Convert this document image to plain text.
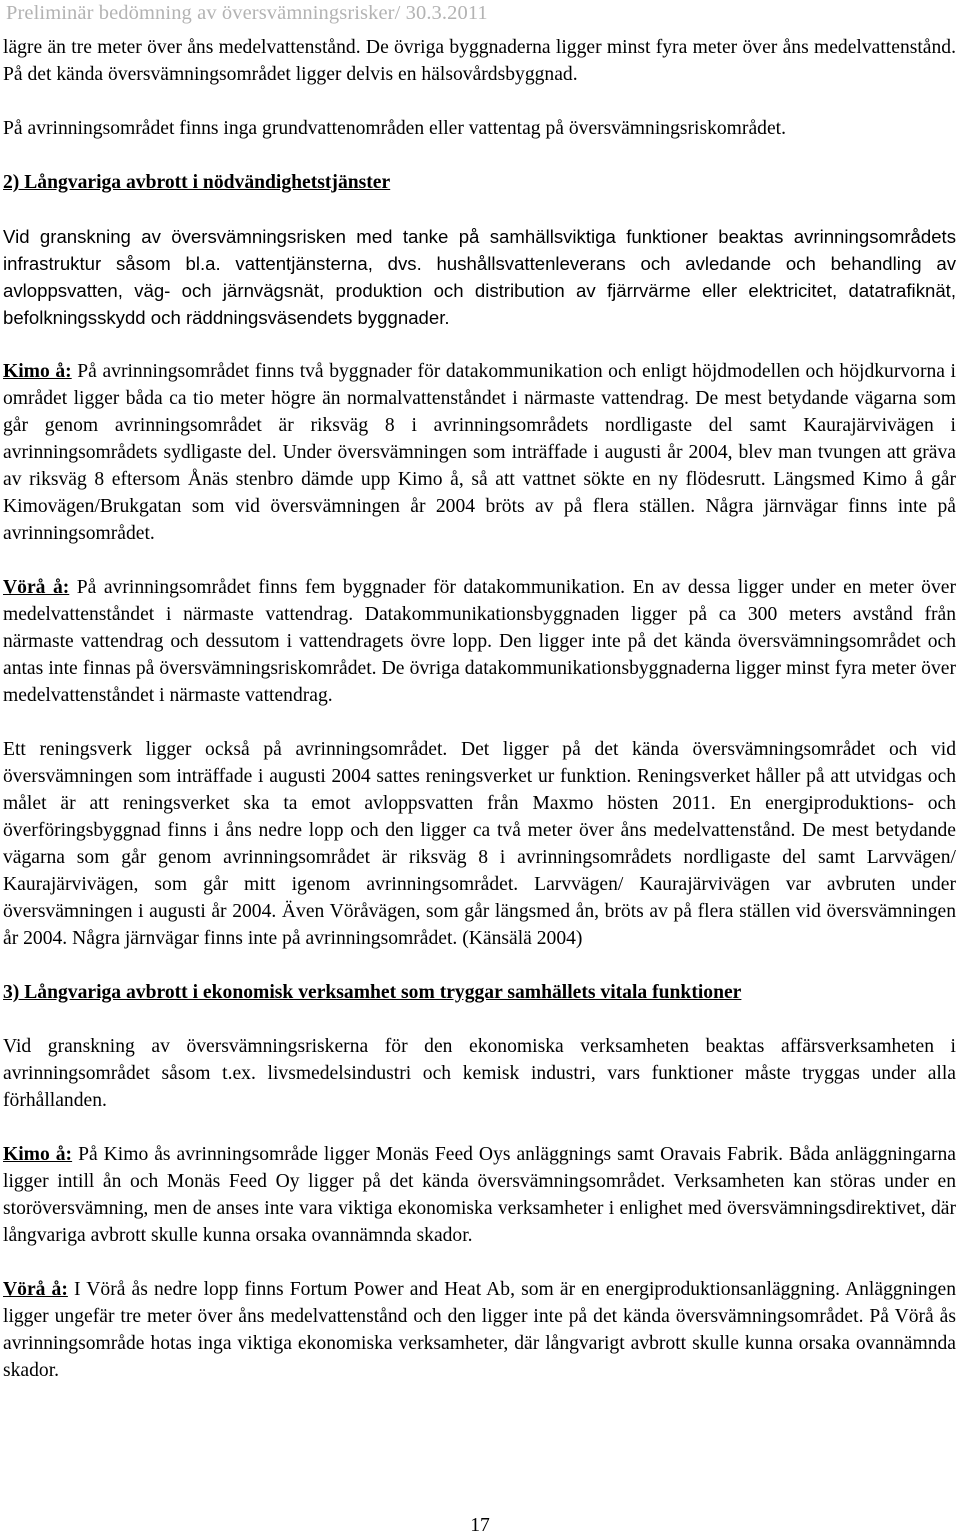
Preliminär bedömning av översvämningsrisker/ 30.3.2011

lägre än tre meter över åns medelvattenstånd. De övriga byggnaderna ligger minst fyra meter över åns medelvattenstånd. På det kända översvämningsområdet ligger delvis en hälsovårdsbyggnad.

På avrinningsområdet finns inga grundvattenområden eller vattentag på översvämningsriskområdet.

2) Långvariga avbrott i nödvändighetstjänster

Vid granskning av översvämningsrisken med tanke på samhällsviktiga funktioner beaktas avrinningsområdets infrastruktur såsom bl.a. vattentjänsterna, dvs. hushållsvattenleverans och avledande och behandling av avloppsvatten, väg- och järnvägsnät, produktion och distribution av fjärrvärme eller elektricitet, datatrafiknät, befolkningsskydd och räddningsväsendets byggnader.

Kimo å: På avrinningsområdet finns två byggnader för datakommunikation och enligt höjdmodellen och höjdkurvorna i området ligger båda ca tio meter högre än normalvattenståndet i närmaste vattendrag. De mest betydande vägarna som går genom avrinningsområdet är riksväg 8 i avrinningsområdets nordligaste del samt Kaurajärvivägen i avrinningsområdets sydligaste del. Under översvämningen som inträffade i augusti år 2004, blev man tvungen att gräva av riksväg 8 eftersom Ånäs stenbro dämde upp Kimo å, så att vattnet sökte en ny flödesrutt. Längsmed Kimo å går Kimovägen/Brukgatan som vid översvämningen år 2004 bröts av på flera ställen. Några järnvägar finns inte på avrinningsområdet.

Vörå å: På avrinningsområdet finns fem byggnader för datakommunikation. En av dessa ligger under en meter över medelvattenståndet i närmaste vattendrag. Datakommunikationsbyggnaden ligger på ca 300 meters avstånd från närmaste vattendrag och dessutom i vattendragets övre lopp. Den ligger inte på det kända översvämningsområdet och antas inte finnas på översvämningsriskområdet. De övriga datakommunikationsbyggnaderna ligger minst fyra meter över medelvattenståndet i närmaste vattendrag.

Ett reningsverk ligger också på avrinningsområdet. Det ligger på det kända översvämningsområdet och vid översvämningen som inträffade i augusti 2004 sattes reningsverket ur funktion. Reningsverket håller på att utvidgas och målet är att reningsverket ska ta emot avloppsvatten från Maxmo hösten 2011. En energiproduktions- och överföringsbyggnad finns i åns nedre lopp och den ligger ca två meter över åns medelvattenstånd. De mest betydande vägarna som går genom avrinningsområdet är riksväg 8 i avrinningsområdets nordligaste del samt Larvvägen/ Kaurajärvivägen, som går mitt igenom avrinningsområdet. Larvvägen/ Kaurajärvivägen var avbruten under översvämningen i augusti år 2004. Även Vöråvägen, som går längsmed ån, bröts av på flera ställen vid översvämningen år 2004. Några järnvägar finns inte på avrinningsområdet. (Känsälä 2004)

3) Långvariga avbrott i ekonomisk verksamhet som tryggar samhällets vitala funktioner

Vid granskning av översvämningsriskerna för den ekonomiska verksamheten beaktas affärsverksamheten i avrinningsområdet såsom t.ex. livsmedelsindustri och kemisk industri, vars funktioner måste tryggas under alla förhållanden.

Kimo å: På Kimo ås avrinningsområde ligger Monäs Feed Oys anläggnings samt Oravais Fabrik. Båda anläggningarna ligger intill ån och Monäs Feed Oy ligger på det kända översvämningsområdet. Verksamheten kan störas under en storöversvämning, men de anses inte vara viktiga ekonomiska verksamheter i enlighet med översvämningsdirektivet, där långvariga avbrott skulle kunna orsaka ovannämnda skador.

Vörå å: I Vörå ås nedre lopp finns Fortum Power and Heat Ab, som är en energiproduktionsanläggning. Anläggningen ligger ungefär tre meter över åns medelvattenstånd och den ligger inte på det kända översvämningsområdet. På Vörå ås avrinningsområde hotas inga viktiga ekonomiska verksamheter, där långvarigt avbrott skulle kunna orsaka ovannämnda skador.

17
